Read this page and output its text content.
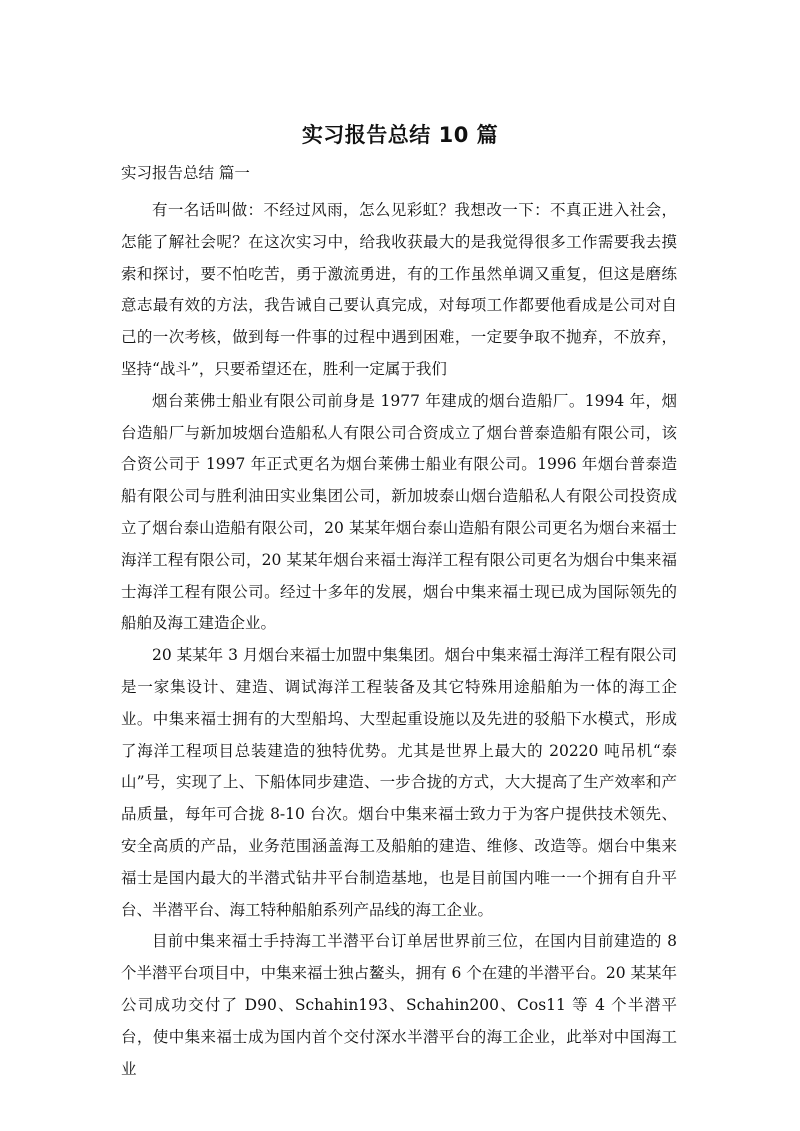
实习报告总结 10 篇
实习报告总结 篇一

有一名话叫做：不经过风雨，怎么见彩虹？我想改一下：不真正进入社会，怎能了解社会呢？在这次实习中，给我收获最大的是我觉得很多工作需要我去摸索和探讨，要不怕吃苦，勇于激流勇进，有的工作虽然单调又重复，但这是磨练意志最有效的方法，我告诫自己要认真完成，对每项工作都要他看成是公司对自己的一次考核，做到每一件事的过程中遇到困难，一定要争取不抛弃，不放弃，坚持“战斗”，只要希望还在，胜利一定属于我们

烟台莱佛士船业有限公司前身是 1977 年建成的烟台造船厂。1994 年，烟台造船厂与新加坡烟台造船私人有限公司合资成立了烟台普泰造船有限公司，该合资公司于 1997 年正式更名为烟台莱佛士船业有限公司。1996 年烟台普泰造船有限公司与胜利油田实业集团公司，新加坡泰山烟台造船私人有限公司投资成立了烟台泰山造船有限公司，20 某某年烟台泰山造船有限公司更名为烟台来福士海洋工程有限公司，20 某某年烟台来福士海洋工程有限公司更名为烟台中集来福士海洋工程有限公司。经过十多年的发展，烟台中集来福士现已成为国际领先的船舶及海工建造企业。

20 某某年 3 月烟台来福士加盟中集集团。烟台中集来福士海洋工程有限公司是一家集设计、建造、调试海洋工程装备及其它特殊用途船舶为一体的海工企业。中集来福士拥有的大型船坞、大型起重设施以及先进的驳船下水模式，形成了海洋工程项目总装建造的独特优势。尤其是世界上最大的 20220 吨吊机“泰山”号，实现了上、下船体同步建造、一步合拢的方式，大大提高了生产效率和产品质量，每年可合拢 8-10 台次。烟台中集来福士致力于为客户提供技术领先、安全高质的产品，业务范围涵盖海工及船舶的建造、维修、改造等。烟台中集来福士是国内最大的半潜式钻井平台制造基地，也是目前国内唯一一个拥有自升平台、半潜平台、海工特种船舶系列产品线的海工企业。

目前中集来福士手持海工半潜平台订单居世界前三位，在国内目前建造的 8 个半潜平台项目中，中集来福士独占鳌头，拥有 6 个在建的半潜平台。20 某某年公司成功交付了 D90、Schahin193、Schahin200、Cos11 等 4 个半潜平台，使中集来福士成为国内首个交付深水半潜平台的海工企业，此举对中国海工业
